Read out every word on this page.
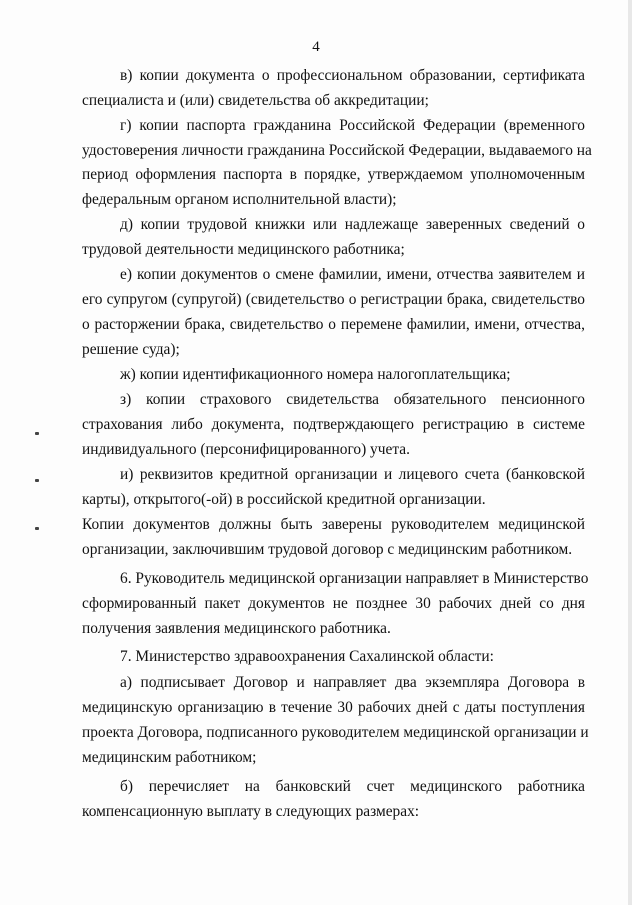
4
в) копии документа о профессиональном образовании, сертификата
специалиста и (или) свидетельства об аккредитации;
г) копии паспорта гражданина Российской Федерации (временного
удостоверения личности гражданина Российской Федерации, выдаваемого на
период оформления паспорта в порядке, утверждаемом уполномоченным
федеральным органом исполнительной власти);
д) копии трудовой книжки или надлежаще заверенных сведений о
трудовой деятельности медицинского работника;
е) копии документов о смене фамилии, имени, отчества заявителем и
его супругом (супругой) (свидетельство о регистрации брака, свидетельство
о расторжении брака, свидетельство о перемене фамилии, имени, отчества,
решение суда);
ж) копии идентификационного номера налогоплательщика;
з) копии страхового свидетельства обязательного пенсионного
страхования либо документа, подтверждающего регистрацию в системе
индивидуального (персонифицированного) учета.
и) реквизитов кредитной организации и лицевого счета (банковской
карты), открытого(-ой) в российской кредитной организации.
Копии документов должны быть заверены руководителем медицинской
организации, заключившим трудовой договор с медицинским работником.
6. Руководитель медицинской организации направляет в Министерство
сформированный пакет документов не позднее 30 рабочих дней со дня
получения заявления медицинского работника.
7. Министерство здравоохранения Сахалинской области:
а) подписывает Договор и направляет два экземпляра Договора в
медицинскую организацию в течение 30 рабочих дней с даты поступления
проекта Договора, подписанного руководителем медицинской организации и
медицинским работником;
б) перечисляет на банковский счет медицинского работника
компенсационную выплату в следующих размерах:
